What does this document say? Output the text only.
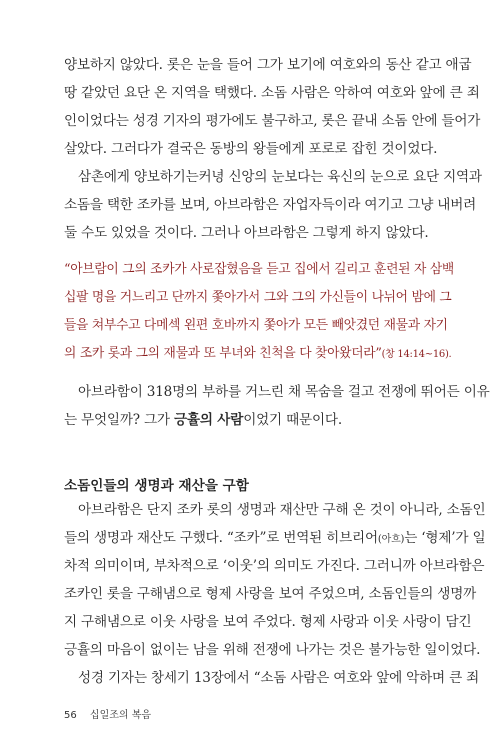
양보하지 않았다. 롯은 눈을 들어 그가 보기에 여호와의 동산 같고 애굽
땅 같았던 요단 온 지역을 택했다. 소돔 사람은 악하여 여호와 앞에 큰 죄
인이었다는 성경 기자의 평가에도 불구하고, 롯은 끝내 소돔 안에 들어가
살았다. 그러다가 결국은 동방의 왕들에게 포로로 잡힌 것이었다.
삼촌에게 양보하기는커녕 신앙의 눈보다는 육신의 눈으로 요단 지역과
소돔을 택한 조카를 보며, 아브라함은 자업자득이라 여기고 그냥 내버려
둘 수도 있었을 것이다. 그러나 아브라함은 그렇게 하지 않았다.
“아브람이 그의 조카가 사로잡혔음을 듣고 집에서 길리고 훈련된 자 삼백
십팔 명을 거느리고 단까지 쫓아가서 그와 그의 가신들이 나뉘어 밤에 그
들을 쳐부수고 다메섹 왼편 호바까지 쫓아가 모든 빼앗겼던 재물과 자기
의 조카 롯과 그의 재물과 또 부녀와 친척을 다 찾아왔더라”(창 14:14~16).
아브라함이 318명의 부하를 거느린 채 목숨을 걸고 전쟁에 뛰어든 이유
는 무엇일까? 그가 긍휼의 사람이었기 때문이다.
소돔인들의 생명과 재산을 구함
아브라함은 단지 조카 롯의 생명과 재산만 구해 온 것이 아니라, 소돔인
들의 생명과 재산도 구했다. “조카”로 번역된 히브리어(아흐)는 ‘형제’가 일
차적 의미이며, 부차적으로 ‘이웃’의 의미도 가진다. 그러니까 아브라함은
조카인 롯을 구해냄으로 형제 사랑을 보여 주었으며, 소돔인들의 생명까
지 구해냄으로 이웃 사랑을 보여 주었다. 형제 사랑과 이웃 사랑이 담긴
긍휼의 마음이 없이는 남을 위해 전쟁에 나가는 것은 불가능한 일이었다.
성경 기자는 창세기 13장에서 “소돔 사람은 여호와 앞에 악하며 큰 죄
56 십일조의 복음
